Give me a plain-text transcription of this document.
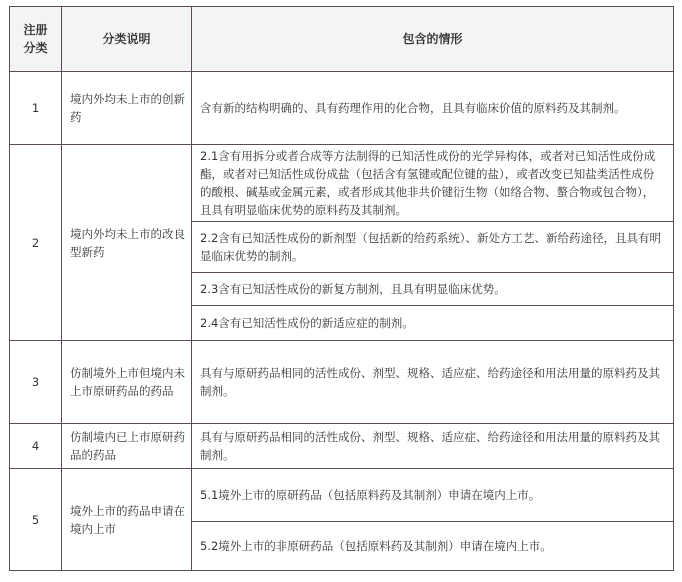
注册
分类	分类说明	包含的情形
1	境内外均未上市的创新药	含有新的结构明确的、具有药理作用的化合物，且具有临床价值的原料药及其制剂。
2	境内外均未上市的改良型新药	2.1含有用拆分或者合成等方法制得的已知活性成份的光学异构体，或者对已知活性成份成酯，或者对已知活性成份成盐（包括含有氢键或配位键的盐），或者改变已知盐类活性成份的酸根、碱基或金属元素，或者形成其他非共价键衍生物（如络合物、螯合物或包合物），且具有明显临床优势的原料药及其制剂。
		2.2含有已知活性成份的新剂型（包括新的给药系统）、新处方工艺、新给药途径，且具有明显临床优势的制剂。
		2.3含有已知活性成份的新复方制剂，且具有明显临床优势。
		2.4含有已知活性成份的新适应症的制剂。
3	仿制境外上市但境内未上市原研药品的药品	具有与原研药品相同的活性成份、剂型、规格、适应症、给药途径和用法用量的原料药及其制剂。
4	仿制境内已上市原研药品的药品	具有与原研药品相同的活性成份、剂型、规格、适应症、给药途径和用法用量的原料药及其制剂。
5	境外上市的药品申请在境内上市	5.1境外上市的原研药品（包括原料药及其制剂）申请在境内上市。
		5.2境外上市的非原研药品（包括原料药及其制剂）申请在境内上市。
